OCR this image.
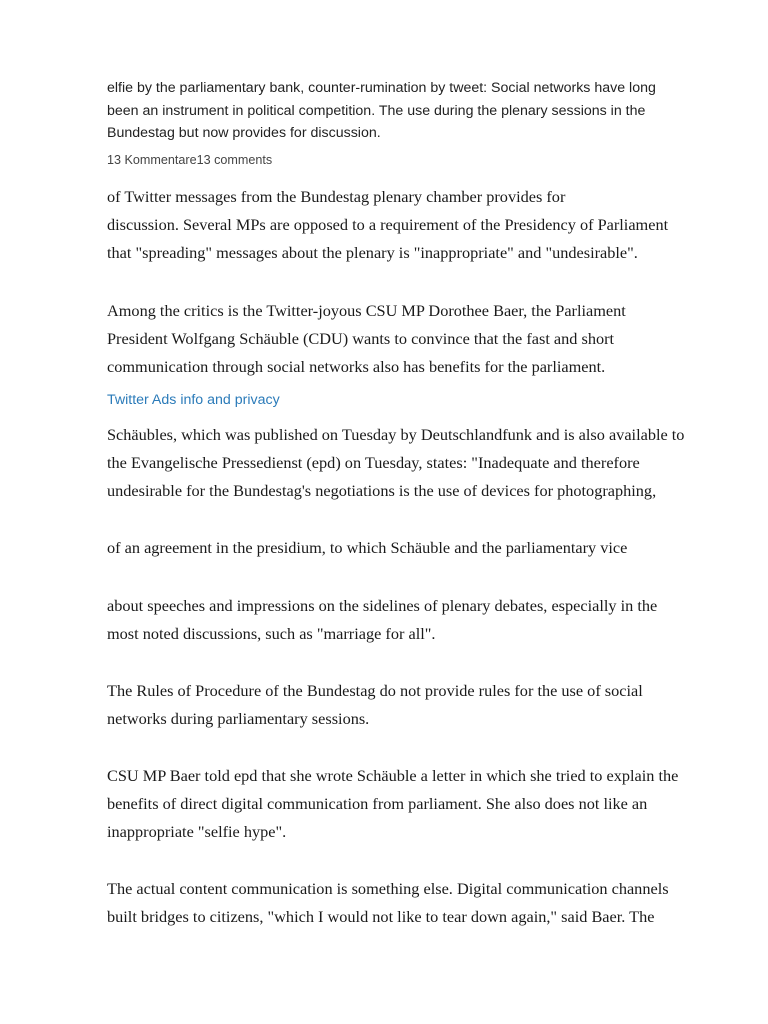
elfie by the parliamentary bank, counter-rumination by tweet: Social networks have long
been an instrument in political competition. The use during the plenary sessions in the
Bundestag but now provides for discussion.

13 Kommentare13 comments

of Twitter messages from the Bundestag plenary chamber provides for
discussion. Several MPs are opposed to a requirement of the Presidency of Parliament
that "spreading" messages about the plenary is "inappropriate" and "undesirable".

Among the critics is the Twitter-joyous CSU MP Dorothee Baer, the Parliament
President Wolfgang Schäuble (CDU) wants to convince that the fast and short
communication through social networks also has benefits for the parliament.

Twitter Ads info and privacy

Schäubles, which was published on Tuesday by Deutschlandfunk and is also available to
the Evangelische Pressedienst (epd) on Tuesday, states: "Inadequate and therefore
undesirable for the Bundestag's negotiations is the use of devices for photographing,

of an agreement in the presidium, to which Schäuble and the parliamentary vice

about speeches and impressions on the sidelines of plenary debates, especially in the
most noted discussions, such as "marriage for all".

The Rules of Procedure of the Bundestag do not provide rules for the use of social
networks during parliamentary sessions.

CSU MP Baer told epd that she wrote Schäuble a letter in which she tried to explain the
benefits of direct digital communication from parliament. She also does not like an
inappropriate "selfie hype".

The actual content communication is something else. Digital communication channels
built bridges to citizens, "which I would not like to tear down again," said Baer. The
